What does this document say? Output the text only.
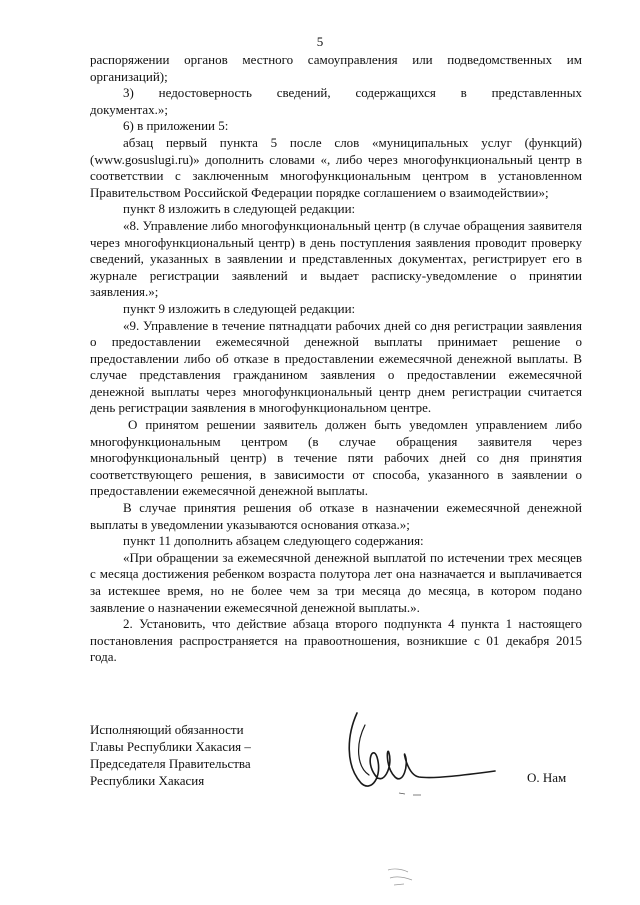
5

распоряжении органов местного самоуправления или подведомственных им

организаций);

3) недостоверность сведений, содержащихся в представленных

документах.»;

6) в приложении 5:

абзац первый пункта 5 после слов «муниципальных услуг (функций) (www.gosuslugi.ru)» дополнить словами «, либо через многофункциональный центр в соответствии с заключенным многофункциональным центром в установленном Правительством Российской Федерации порядке соглашением о взаимодействии»;

пункт 8 изложить в следующей редакции:

«8. Управление либо многофункциональный центр (в случае обращения заявителя через многофункциональный центр) в день поступления заявления проводит проверку сведений, указанных в заявлении и представленных документах, регистрирует его в журнале регистрации заявлений и выдает расписку-уведомление о принятии заявления.»;

пункт 9 изложить в следующей редакции:

«9. Управление в течение пятнадцати рабочих дней со дня регистрации заявления о предоставлении ежемесячной денежной выплаты принимает решение о предоставлении либо об отказе в предоставлении ежемесячной денежной выплаты. В случае представления гражданином заявления о предоставлении ежемесячной денежной выплаты через многофункциональный центр днем регистрации считается день регистрации заявления в многофункциональном центре.

О принятом решении заявитель должен быть уведомлен управлением либо многофункциональным центром (в случае обращения заявителя через многофункциональный центр) в течение пяти рабочих дней со дня принятия соответствующего решения, в зависимости от способа, указанного в заявлении о предоставлении ежемесячной денежной выплаты.

В случае принятия решения об отказе в назначении ежемесячной денежной выплаты в уведомлении указываются основания отказа.»;

пункт 11 дополнить абзацем следующего содержания:

«При обращении за ежемесячной денежной выплатой по истечении трех месяцев с месяца достижения ребенком возраста полутора лет она назначается и выплачивается за истекшее время, но не более чем за три месяца до месяца, в котором подано заявление о назначении ежемесячной денежной выплаты.».

2. Установить, что действие абзаца второго подпункта 4 пункта 1 настоящего постановления распространяется на правоотношения, возникшие с 01 декабря 2015 года.

Исполняющий обязанности
Главы Республики Хакасия –
Председателя Правительства
Республики Хакасия	О. Нам
